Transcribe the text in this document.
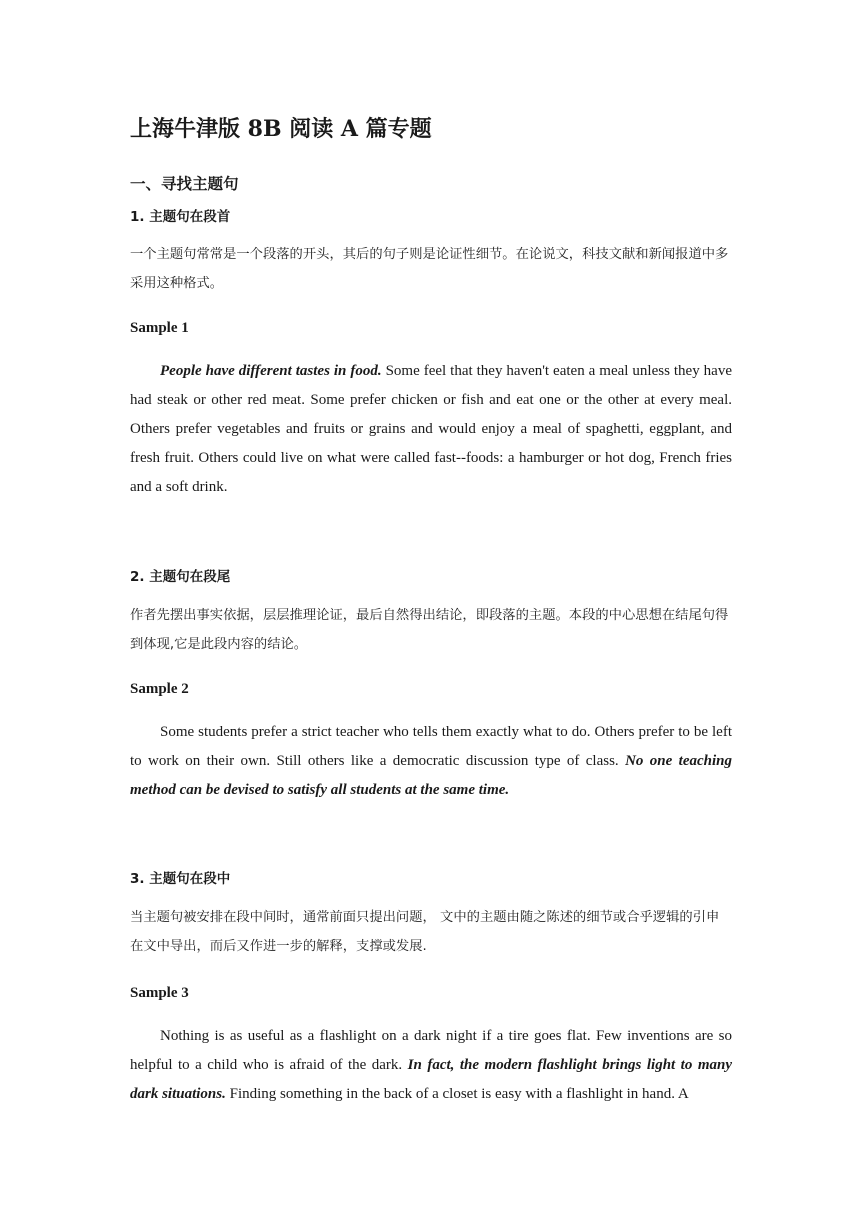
上海牛津版 8B 阅读 A 篇专题
一、寻找主题句
1. 主题句在段首
一个主题句常常是一个段落的开头，其后的句子则是论证性细节。在论说文，科技文献和新闻报道中多采用这种格式。
Sample 1
People have different tastes in food. Some feel that they haven't eaten a meal unless they have had steak or other red meat. Some prefer chicken or fish and eat one or the other at every meal. Others prefer vegetables and fruits or grains and would enjoy a meal of spaghetti, eggplant, and fresh fruit. Others could live on what were called fast--foods: a hamburger or hot dog, French fries and a soft drink.
2. 主题句在段尾
作者先摆出事实依据，层层推理论证，最后自然得出结论，即段落的主题。本段的中心思想在结尾句得到体现,它是此段内容的结论。
Sample 2
Some students prefer a strict teacher who tells them exactly what to do. Others prefer to be left to work on their own. Still others like a democratic discussion type of class. No one teaching method can be devised to satisfy all students at the same time.
3. 主题句在段中
当主题句被安排在段中间时，通常前面只提出问题， 文中的主题由随之陈述的细节或合乎逻辑的引申在文中导出，而后又作进一步的解释，支撑或发展.
Sample 3
Nothing is as useful as a flashlight on a dark night if a tire goes flat. Few inventions are so helpful to a child who is afraid of the dark. In fact, the modern flashlight brings light to many dark situations. Finding something in the back of a closet is easy with a flashlight in hand. A
